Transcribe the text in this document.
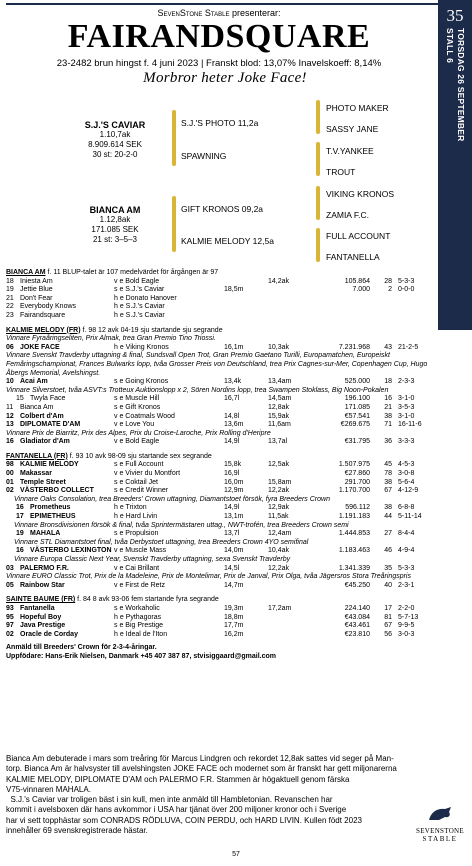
35
TORSDAG 26 SEPTEMBER
STALL 6
SevenStone Stable presenterar:
FAIRANDSQUARE
23-2482 brun hingst f. 4 juni 2023 | Franskt blod: 13,07% Inavelskoeff: 8,14%
Morbror heter Joke Face!
S.J.'S CAVIAR
1.10,7ak
8.909.614 SEK
30 st: 20-2-0
BIANCA AM
1.12,8ak
171.085 SEK
21 st: 3–5–3
S.J.'S PHOTO 11,2a
SPAWNING
GIFT KRONOS 09,2a
KALMIE MELODY 12,5a
PHOTO MAKER
SASSY JANE
T.V.YANKEE
TROUT
VIKING KRONOS
ZAMIA F.C.
FULL ACCOUNT
FANTANELLA
BIANCA AM f. 11 BLUP-talet är 107 medelvärdet för årgången är 97
18 Iniesta Am	v e Bold Eagle	14,2ak	105.864	28 5-3-3
19 Jettie Blue	s e S.J.'s Caviar	18,5m	7.000	2 0-0-0
21 Don't Fear	h e Donato Hanover
22 Everybody Knows	h e S.J.'s Caviar
23 Fairandsquare	h e S.J.'s Caviar
KALMIE MELODY (FR) f. 98 12 avk 04-19 sju startande sju segrande
Vinnare Fyraåringseliten, Prix Almak, trea Gran Premio Tino Triossi.
06 JOKE FACE	h e Viking Kronos	16,1m	10,3ak	7.231.968	43 21-2-5
Vinnare Svenskt Travderby uttagning & final, Sundsvall Open Trot, Gran Premio Gaetano Turilli, Europamatchen, Europeiskt Femåringschampionat, Frances Bulwarks lopp, tvåa Grosser Preis von Deutschland, trea Prix Cagnes-sur-Mer, Copenhagen Cup, Hugo Åbergs Memorial, Avelshingst.
10 Acai Am	s e Going Kronos	13,4k	13,4am	525.000	18 2-3-3
Vinnare Silverstoet, tvåa ASVT:s Trotteux Auktionslopp x 2, Sören Nordins lopp, trea Swampen Stoklass, Big Noon-Pokalen
15 Twyla Face	s e Muscle Hill	16,7l	14,5am	196.100	16 3-1-0
11 Bianca Am	s e Gift Kronos	12,8ak	171.085	21 3-5-3
12 Colbert d'Am	v e Coatmals Wood	14,8l	15,9ak	€57.541	38 3-1-0
13 DIPLOMATE D'AM	v e Love You	13,6m	11,6am	€269.675	71 16-11-6
Vinnare Prix de Biarritz, Prix des Alpes, Prix du Croise-Laroche, Prix Rolling d'Heripre
16 Gladiator d'Am	v e Bold Eagle	14,9l	13,7al	€31.795	36 3-3-3
FANTANELLA (FR) f. 93 10 avk 98-09 sju startande sex segrande
98 KALMIE MELODY	s e Full Account	15,8k	12,5ak	1.507.975	45 4-5-3
00 Makassar	v e Vivier du Montfort	16,9l	€27.860	78 3-0-8
01 Temple Street	s e Coktail Jet	16,0m	15,8am	291.700	38 5-6-4
02 VÄSTERBO COLLECT	s e Credit Winner	12,9m	12,2ak	1.170.700	67 4-12-9
Vinnare Oaks Consolation, trea Breeders' Crown uttagning, Diamantstoet försök, fyra Breeders Crown
16 Prometheus	h e Trixton	14,9l	12,9ak	596.112	38 6-8-8
17 EPIMETHEUS	h e Hard Livin	13,1m	11,5ak	1.191.183	44 5-11-14
Vinnare Bronsdivisionen försök & final, tvåa Sprintermästaren uttag., NWT-trofén, trea Breeders Crown semi
19 MAHALA	s e Propulsion	13,7l	12,4am	1.444.853	27 8-4-4
Vinnare STL Diamantstoet final, tvåa Derbystoet uttagning, trea Breeders Crown 4YO semifinal
16 VÄSTERBO LEXINGTON v e Muscle Mass	14,0m	10,4ak	1.183.463	46 4-9-4
Vinnare Europa Classic Next Year, Svenskt Travderby uttagning, sexa Svenskt Travderby
03 PALERMO F.R.	v e Cai Brillant	14,5l	12,2ak	1.341.339	35 5-3-3
Vinnare EURO Classic Trot, Prix de la Madeleine, Prix de Montelimar, Prix de Janval, Prix Olga, tvåa Jägersros Stora Treåringspris
05 Rainbow Star	v e First de Retz	14,7m	€45.250	40 2-3-1
SAINTE BAUME (FR) f. 84 8 avk 93-06 fem startande fyra segrande
93 Fantanella	s e Workaholic	19,3m	17,2am	224.140	17 2-2-0
95 Hopeful Boy	h e Pythagoras	18,8m	€43.084	81 5-7-13
97 Java Prestige	s e Big Prestige	17,7m	€43.461	67 9-9-5
02 Oracle de Corday	h e Ideal de l'Iton	16,2m	€23.810	56 3-0-3
Anmäld till Breeders' Crown för 2-3-4-åringar.
Uppfödare: Hans-Erik Nielsen, Danmark +45 407 387 87, stvisiggaard@gmail.com
Bianca Am debuterade i mars som treåring för Marcus Lindgren och rekordet 12,8ak sattes vid seger på Man-
torp. Bianca Am är halvsyster till avelshingsten JOKE FACE och modernet som är franskt har gett miljonarerna
KALMIE MELODY, DIPLOMATE D'AM och PALERMO F.R. Stammen är högaktuell genom färska
V75-vinnaren MAHALA.
S.J.'s Caviar var troligen bäst i sin kull, men inte anmäld till Hambletonian. Revanschen har
kommit i avelsboxen där hans avkommor i USA har tjänat över 200 miljoner kronor och i Sverige
har vi sett topphästar som CONRADS RÖDLUVA, COIN PERDU, och HARD LIVIN. Kullen födt 2023
innehåller 69 svenskregistrerade hästar.	SEVENSTONE
STABLE
57
